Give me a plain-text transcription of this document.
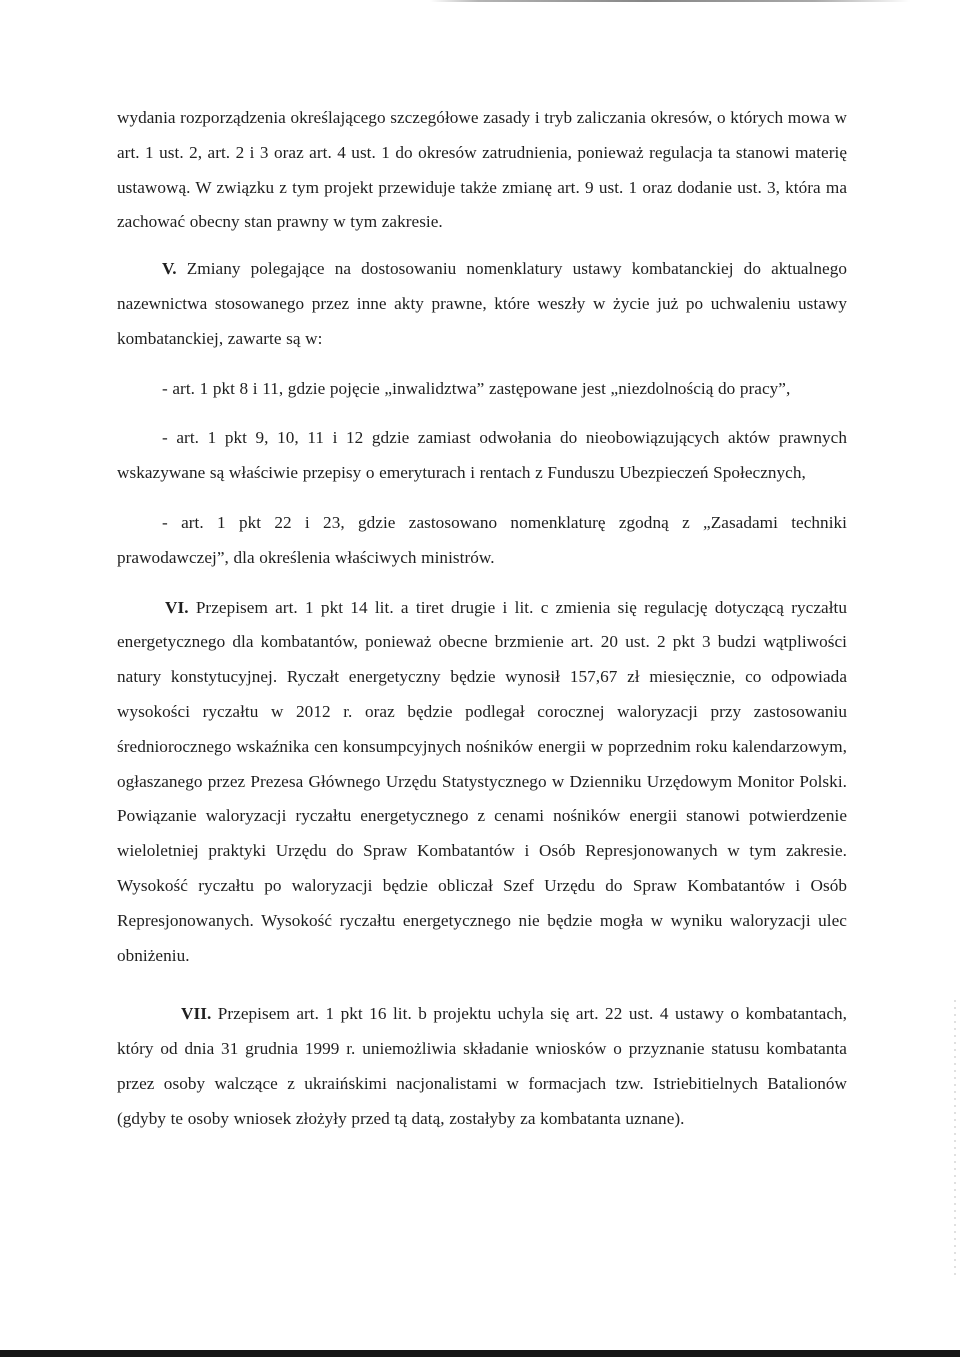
wydania rozporządzenia określającego szczegółowe zasady i tryb zaliczania okresów, o których mowa w art. 1 ust. 2, art. 2 i 3 oraz art. 4 ust. 1 do okresów zatrudnienia, ponieważ regulacja ta stanowi materię ustawową. W związku z tym projekt przewiduje także zmianę art. 9 ust. 1 oraz dodanie ust. 3, która ma zachować obecny stan prawny w tym zakresie.

V. Zmiany polegające na dostosowaniu nomenklatury ustawy kombatanckiej do aktualnego nazewnictwa stosowanego przez inne akty prawne, które weszły w życie już po uchwaleniu ustawy kombatanckiej, zawarte są w:

- art. 1 pkt 8 i 11, gdzie pojęcie „inwalidztwa” zastępowane jest „niezdolnością do pracy”,

- art. 1 pkt 9, 10, 11 i 12 gdzie zamiast odwołania do nieobowiązujących aktów prawnych wskazywane są właściwie przepisy o emeryturach i rentach z Funduszu Ubezpieczeń Społecznych,

- art. 1 pkt 22 i 23, gdzie zastosowano nomenklaturę zgodną z „Zasadami techniki prawodawczej”, dla określenia właściwych ministrów.

VI. Przepisem art. 1 pkt 14 lit. a tiret drugie i lit. c zmienia się regulację dotyczącą ryczałtu energetycznego dla kombatantów, ponieważ obecne brzmienie art. 20 ust. 2 pkt 3 budzi wątpliwości natury konstytucyjnej. Ryczałt energetyczny będzie wynosił 157,67 zł miesięcznie, co odpowiada wysokości ryczałtu w 2012 r. oraz będzie podlegał corocznej waloryzacji przy zastosowaniu średniorocznego wskaźnika cen konsumpcyjnych nośników energii w poprzednim roku kalendarzowym, ogłaszanego przez Prezesa Głównego Urzędu Statystycznego w Dzienniku Urzędowym Monitor Polski. Powiązanie waloryzacji ryczałtu energetycznego z cenami nośników energii stanowi potwierdzenie wieloletniej praktyki Urzędu do Spraw Kombatantów i Osób Represjonowanych w tym zakresie. Wysokość ryczałtu po waloryzacji będzie obliczał Szef Urzędu do Spraw Kombatantów i Osób Represjonowanych. Wysokość ryczałtu energetycznego nie będzie mogła w wyniku waloryzacji ulec obniżeniu.

VII. Przepisem art. 1 pkt 16 lit. b projektu uchyla się art. 22 ust. 4 ustawy o kombatantach, który od dnia 31 grudnia 1999 r. uniemożliwia składanie wniosków o przyznanie statusu kombatanta przez osoby walczące z ukraińskimi nacjonalistami w formacjach tzw. Istriebitielnych Batalionów (gdyby te osoby wniosek złożyły przed tą datą, zostałyby za kombatanta uznane).
